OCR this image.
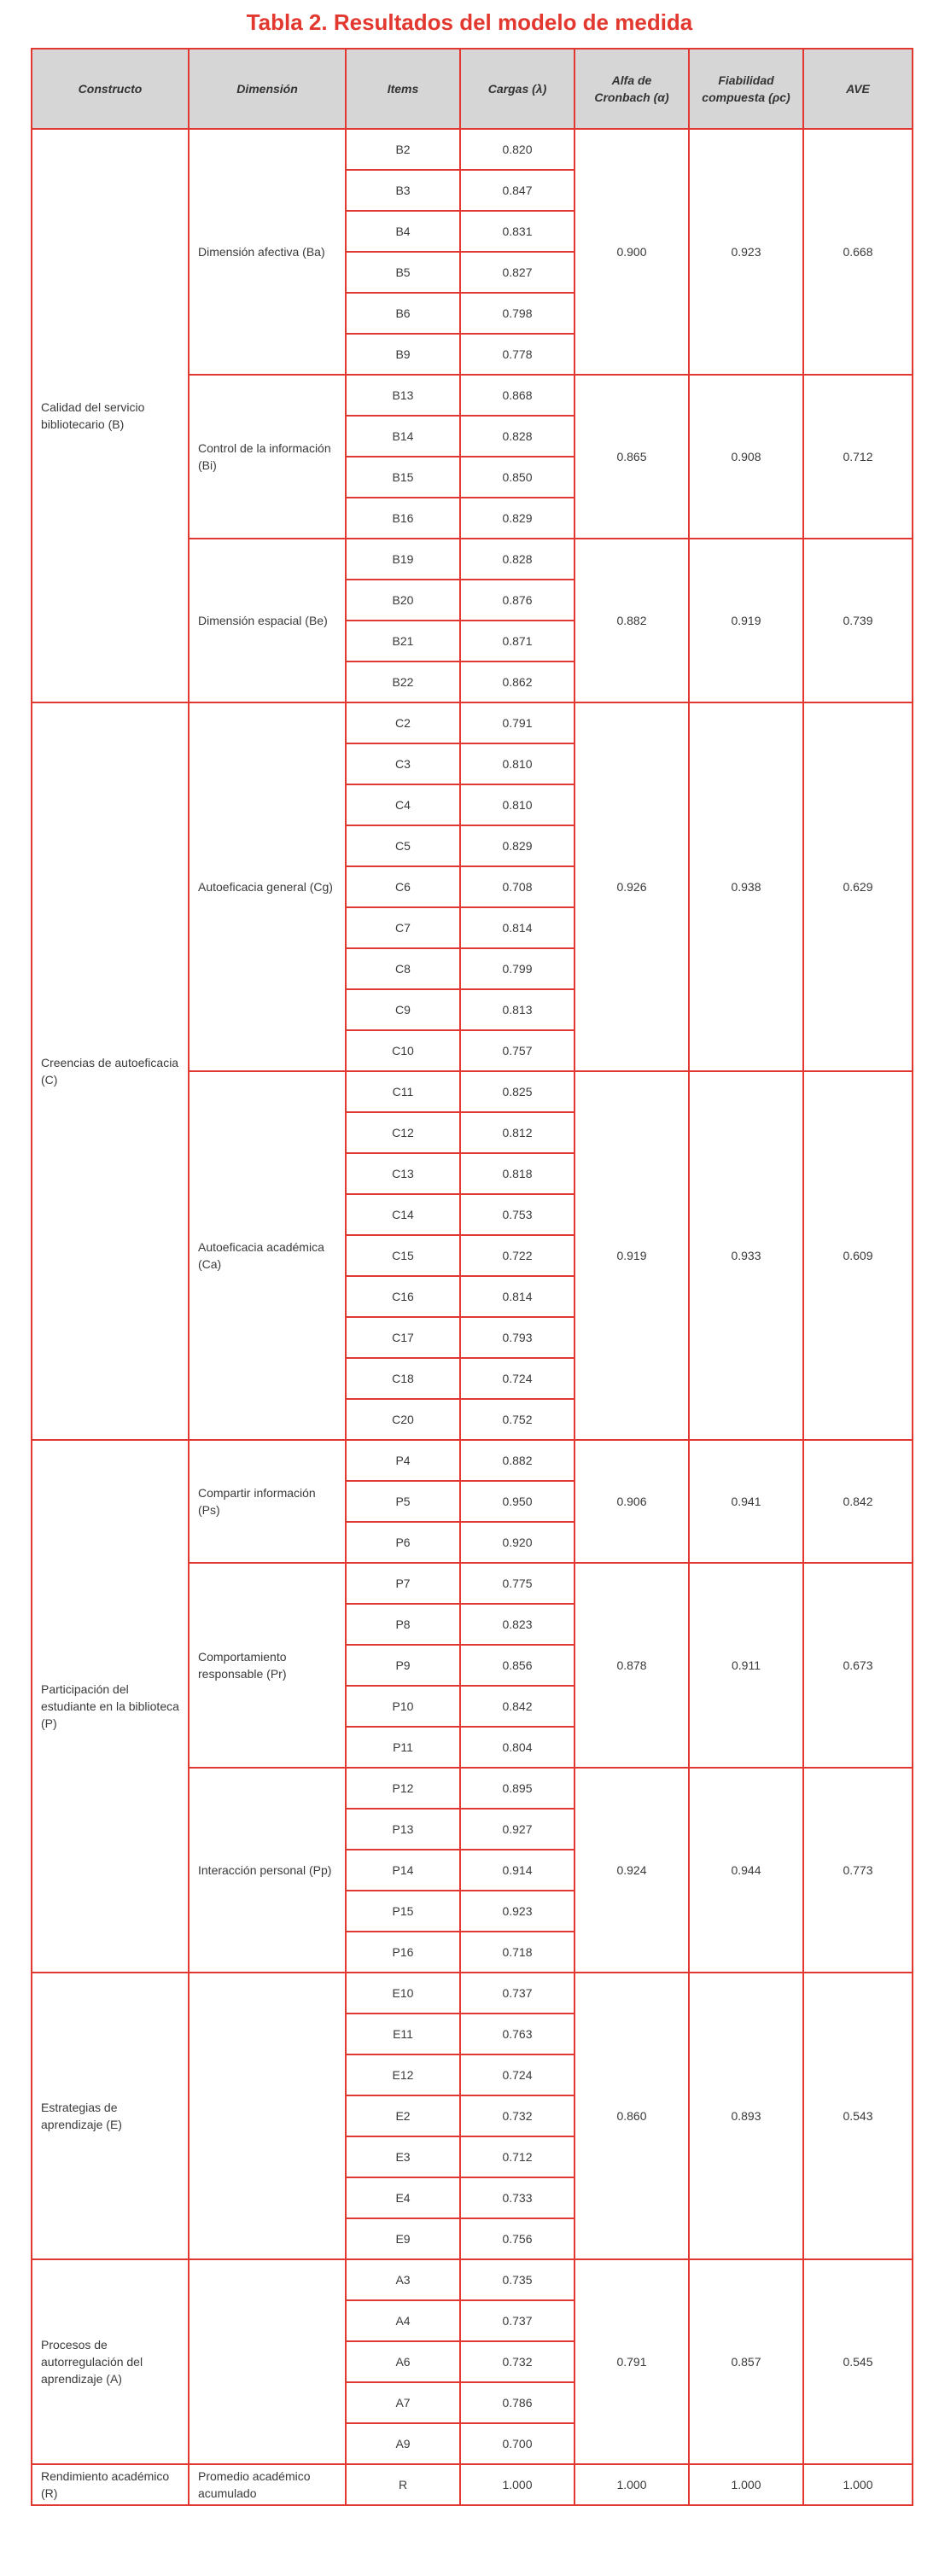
Tabla 2. Resultados del modelo de medida
Constructo	Dimensión	Items	Cargas (λ)	Alfa de Cronbach (α)	Fiabilidad compuesta (ρc)	AVE
Calidad del servicio bibliotecario (B)	Dimensión afectiva (Ba)	B2	0.820	0.900	0.923	0.668
		B3	0.847			
		B4	0.831			
		B5	0.827			
		B6	0.798			
		B9	0.778			
	Control de la información (Bi)	B13	0.868	0.865	0.908	0.712
		B14	0.828			
		B15	0.850			
		B16	0.829			
	Dimensión espacial (Be)	B19	0.828	0.882	0.919	0.739
		B20	0.876			
		B21	0.871			
		B22	0.862			
Creencias de autoeficacia (C)	Autoeficacia general (Cg)	C2	0.791	0.926	0.938	0.629
		C3	0.810			
		C4	0.810			
		C5	0.829			
		C6	0.708			
		C7	0.814			
		C8	0.799			
		C9	0.813			
		C10	0.757			
	Autoeficacia académica (Ca)	C11	0.825	0.919	0.933	0.609
		C12	0.812			
		C13	0.818			
		C14	0.753			
		C15	0.722			
		C16	0.814			
		C17	0.793			
		C18	0.724			
		C20	0.752			
Participación del estudiante en la biblioteca (P)	Compartir información (Ps)	P4	0.882	0.906	0.941	0.842
		P5	0.950			
		P6	0.920			
	Comportamiento responsable (Pr)	P7	0.775	0.878	0.911	0.673
		P8	0.823			
		P9	0.856			
		P10	0.842			
		P11	0.804			
	Interacción personal (Pp)	P12	0.895	0.924	0.944	0.773
		P13	0.927			
		P14	0.914			
		P15	0.923			
		P16	0.718			
Estrategias de aprendizaje (E)		E10	0.737	0.860	0.893	0.543
		E11	0.763			
		E12	0.724			
		E2	0.732			
		E3	0.712			
		E4	0.733			
		E9	0.756			
Procesos de autorregulación del aprendizaje (A)		A3	0.735	0.791	0.857	0.545
		A4	0.737			
		A6	0.732			
		A7	0.786			
		A9	0.700			
Rendimiento académico (R)	Promedio académico acumulado	R	1.000	1.000	1.000	1.000
